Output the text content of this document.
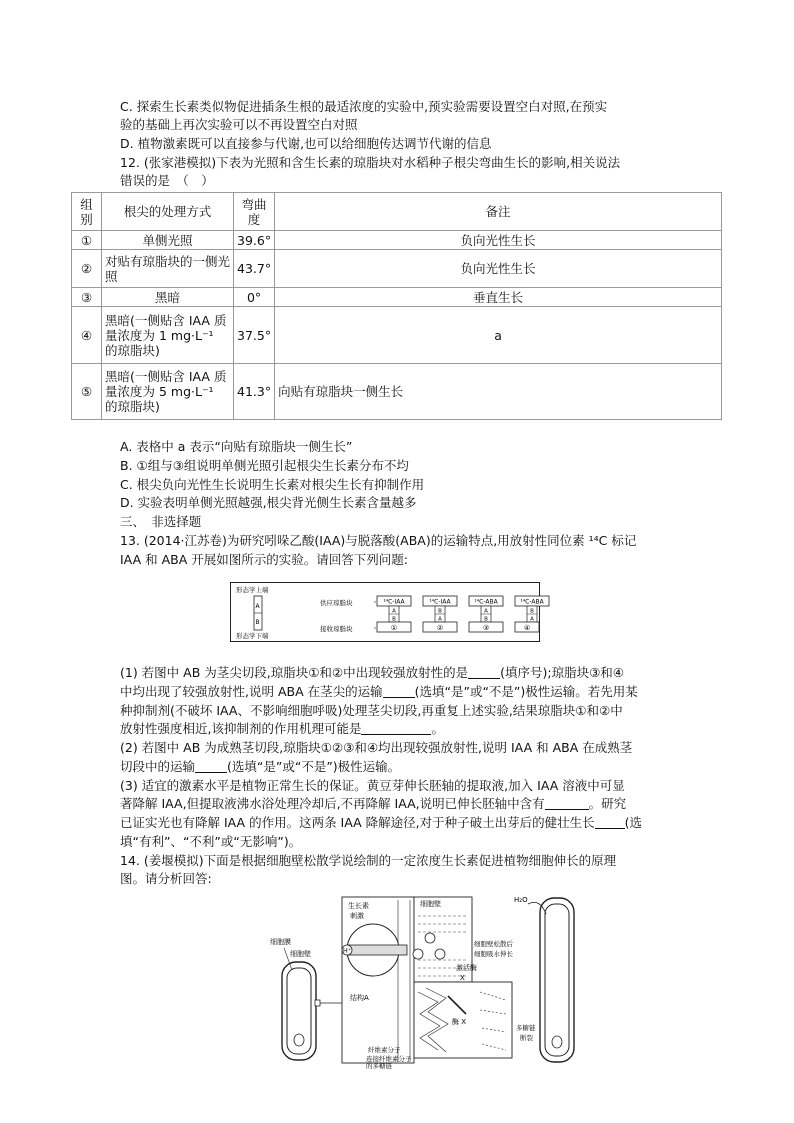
C. 探索生长素类似物促进插条生根的最适浓度的实验中,预实验需要设置空白对照,在预实
验的基础上再次实验可以不再设置空白对照
D. 植物激素既可以直接参与代谢,也可以给细胞传达调节代谢的信息
12. (张家港模拟)下表为光照和含生长素的琼脂块对水稻种子根尖弯曲生长的影响,相关说法
错误的是　（　）
组别	根尖的处理方式	弯曲度	备注
①	单侧光照	39.6°	负向光性生长
②	对贴有琼脂块的一侧光照	43.7°	负向光性生长
③	黑暗	0°	垂直生长
④	黑暗(一侧贴含 IAA 质量浓度为 1 mg·L⁻¹ 的琼脂块)	37.5°	a
⑤	黑暗(一侧贴含 IAA 质量浓度为 5 mg·L⁻¹ 的琼脂块)	41.3°	向贴有琼脂块一侧生长
A. 表格中 a 表示“向贴有琼脂块一侧生长”
B. ①组与③组说明单侧光照引起根尖生长素分布不均
C. 根尖负向光性生长说明生长素对根尖生长有抑制作用
D. 实验表明单侧光照越强,根尖背光侧生长素含量越多
三、　非选择题
13. (2014·江苏卷)为研究吲哚乙酸(IAA)与脱落酸(ABA)的运输特点,用放射性同位素 ¹⁴C 标记
IAA 和 ABA 开展如图所示的实验。请回答下列问题:
形态学上端
形态学下端
A
B
供应琼脂块
接收琼脂块
¹⁴C-IAA
A
B
①
¹⁴C-IAA
B
A
②
¹⁴C-ABA
A
B
③
¹⁴C-ABA
B
A
④
(1) 若图中 AB 为茎尖切段,琼脂块①和②中出现较强放射性的是	(填序号);琼脂块③和④
中均出现了较强放射性,说明 ABA 在茎尖的运输	(选填“是”或“不是”)极性运输。若先用某
种抑制剂(不破坏 IAA、不影响细胞呼吸)处理茎尖切段,再重复上述实验,结果琼脂块①和②中
放射性强度相近,该抑制剂的作用机理可能是	。
(2) 若图中 AB 为成熟茎切段,琼脂块①②③和④均出现较强放射性,说明 IAA 和 ABA 在成熟茎
切段中的运输	(选填“是”或“不是”)极性运输。
(3) 适宜的激素水平是植物正常生长的保证。黄豆芽伸长胚轴的提取液,加入 IAA 溶液中可显
著降解 IAA,但提取液沸水浴处理冷却后,不再降解 IAA,说明已伸长胚轴中含有	。研究
已证实光也有降解 IAA 的作用。这两条 IAA 降解途径,对于种子破土出芽后的健壮生长 (选
填“有利”、“不利”或“无影响”)。
14. (姜堰模拟)下面是根据细胞壁松散学说绘制的一定浓度生长素促进植物细胞伸长的原理
图。请分析回答:
细胞膜
细胞壁	H⁺
生长素
刺激
结构A
细胞壁
激活酶
X
酶 X
纤维素分子
连接纤维素分子
的多糖链
细胞壁松散后
细胞吸水伸长
H₂O
多糖链
断裂
